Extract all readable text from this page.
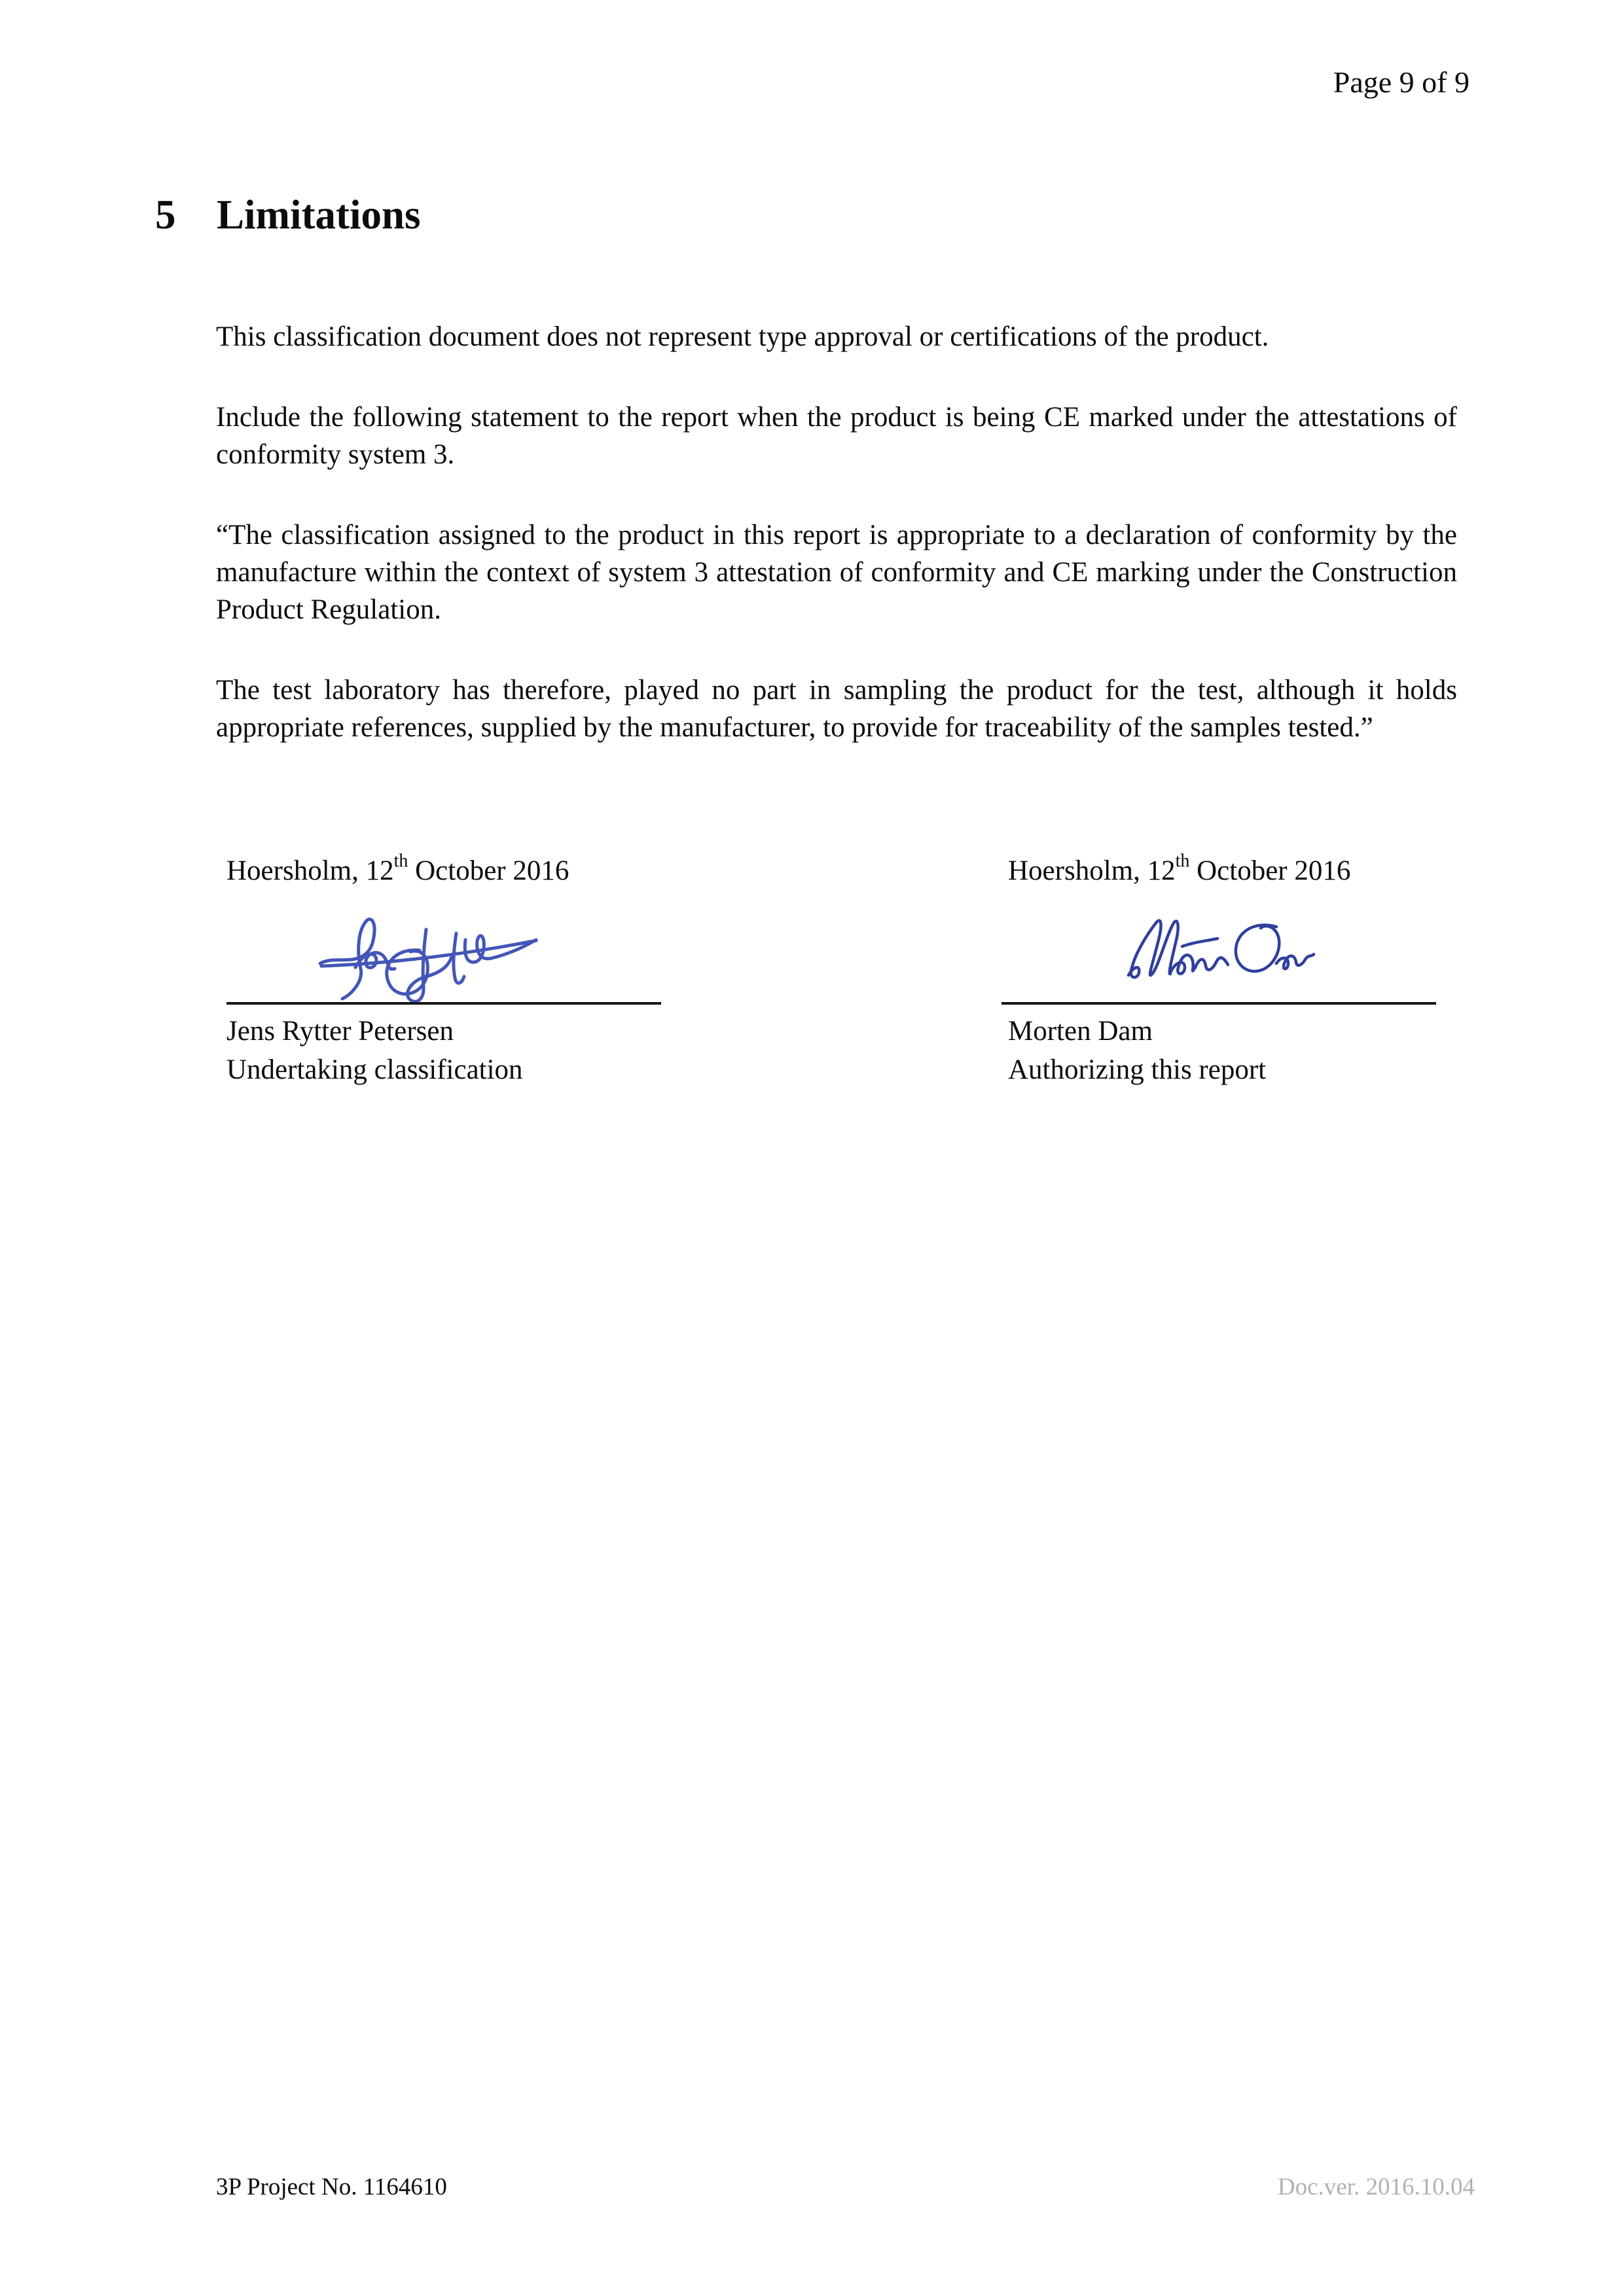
Page 9 of 9
5 Limitations

This classification document does not represent type approval or certifications of the product.

Include the following statement to the report when the product is being CE marked under the attestations of conformity system 3.

“The classification assigned to the product in this report is appropriate to a declaration of conformity by the manufacture within the context of system 3 attestation of conformity and CE marking under the Construction Product Regulation.

The test laboratory has therefore, played no part in sampling the product for the test, although it holds appropriate references, supplied by the manufacturer, to provide for traceability of the samples tested.”

Hoersholm, 12th October 2016
Jens Rytter Petersen
Undertaking classification
Hoersholm, 12th October 2016
Morten Dam
Authorizing this report
3P Project No. 1164610	Doc.ver. 2016.10.04
